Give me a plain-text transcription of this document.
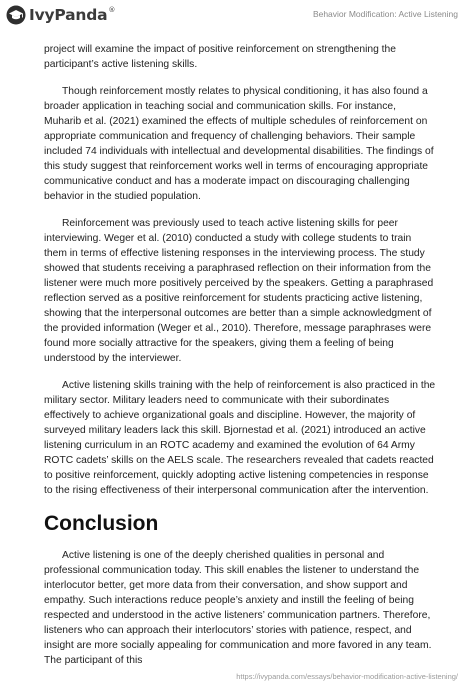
IvyPanda ®	Behavior Modification: Active Listening

project will examine the impact of positive reinforcement on strengthening the participant’s active listening skills.

Though reinforcement mostly relates to physical conditioning, it has also found a broader application in teaching social and communication skills. For instance, Muharib et al. (2021) examined the effects of multiple schedules of reinforcement on appropriate communication and frequency of challenging behaviors. Their sample included 74 individuals with intellectual and developmental disabilities. The findings of this study suggest that reinforcement works well in terms of encouraging appropriate communicative conduct and has a moderate impact on discouraging challenging behavior in the studied population.

Reinforcement was previously used to teach active listening skills for peer interviewing. Weger et al. (2010) conducted a study with college students to train them in terms of effective listening responses in the interviewing process. The study showed that students receiving a paraphrased reflection on their information from the listener were much more positively perceived by the speakers. Getting a paraphrased reflection served as a positive reinforcement for students practicing active listening, showing that the interpersonal outcomes are better than a simple acknowledgment of the provided information (Weger et al., 2010). Therefore, message paraphrases were found more socially attractive for the speakers, giving them a feeling of being understood by the interviewer.

Active listening skills training with the help of reinforcement is also practiced in the military sector. Military leaders need to communicate with their subordinates effectively to achieve organizational goals and discipline. However, the majority of surveyed military leaders lack this skill. Bjornestad et al. (2021) introduced an active listening curriculum in an ROTC academy and examined the evolution of 64 Army ROTC cadets’ skills on the AELS scale. The researchers revealed that cadets reacted to positive reinforcement, quickly adopting active listening competencies in response to the rising effectiveness of their interpersonal communication after the intervention.

Conclusion

Active listening is one of the deeply cherished qualities in personal and professional communication today. This skill enables the listener to understand the interlocutor better, get more data from their conversation, and show support and empathy. Such interactions reduce people’s anxiety and instill the feeling of being respected and understood in the active listeners’ communication partners. Therefore, listeners who can approach their interlocutors’ stories with patience, respect, and insight are more socially appealing for communication and more favored in any team. The participant of this

https://ivypanda.com/essays/behavior-modification-active-listening/
